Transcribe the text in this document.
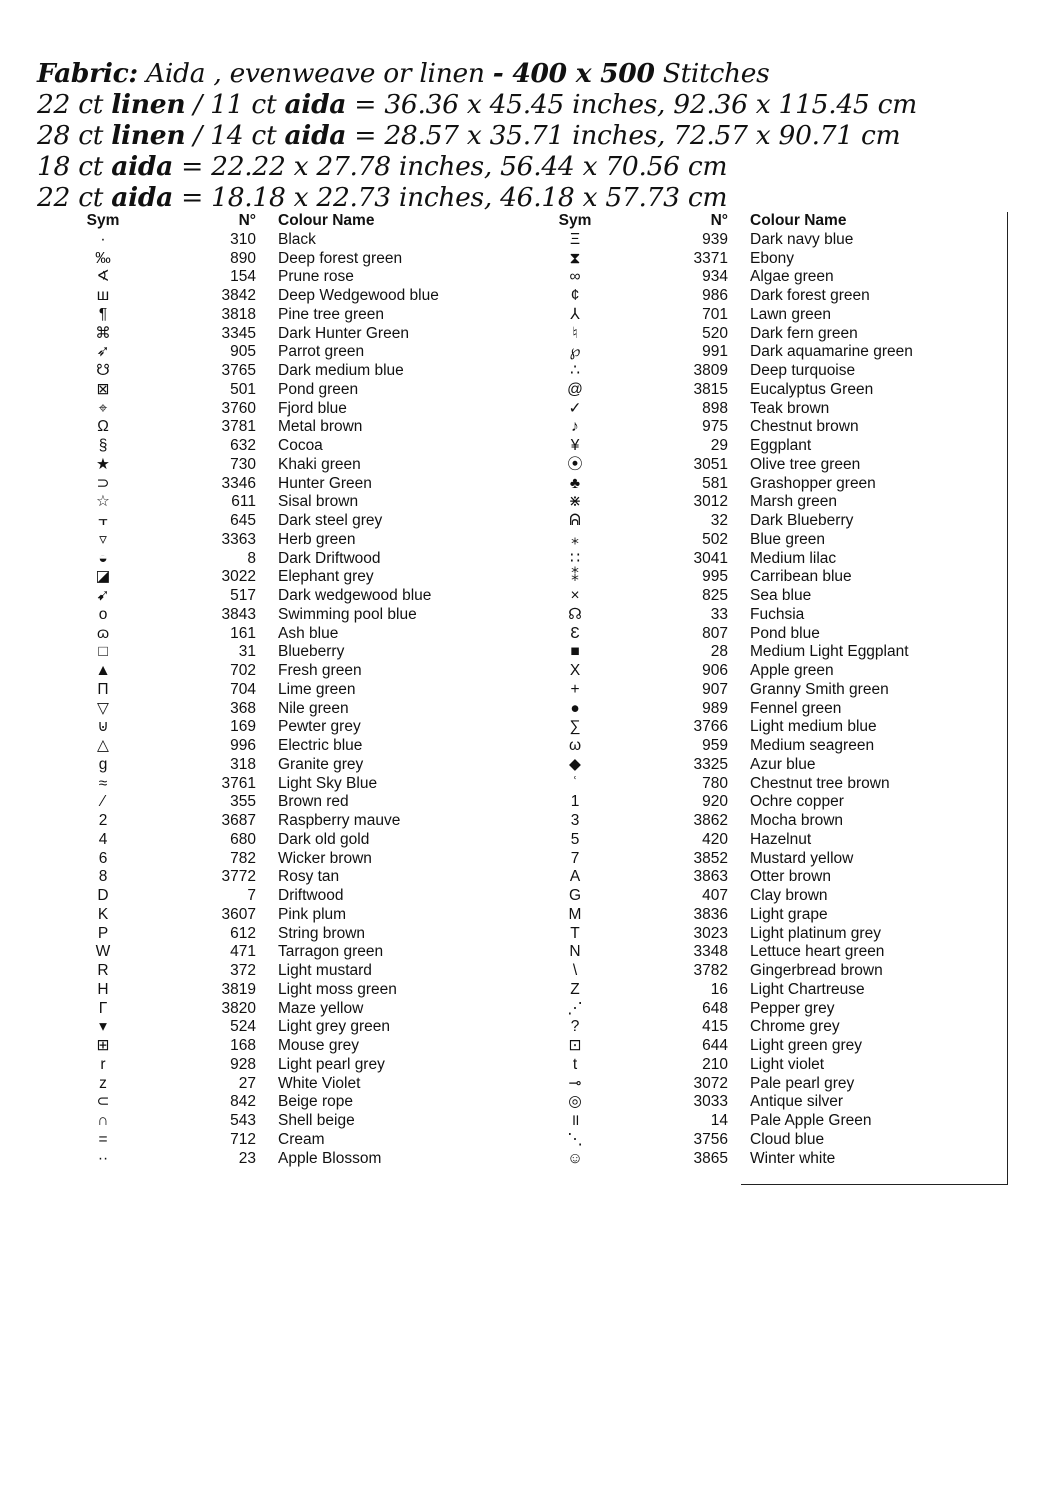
Fabric: Aida , evenweave or linen - 400 x 500 Stitches
22 ct linen / 11 ct aida = 36.36 x 45.45 inches, 92.36 x 115.45 cm
28 ct linen / 14 ct aida = 28.57 x 35.71 inches, 72.57 x 90.71 cm
18 ct aida = 22.22 x 27.78 inches, 56.44 x 70.56 cm
22 ct aida = 18.18 x 22.73 inches, 46.18 x 57.73 cm
Sym	N° Colour Name
·	310 Black
‰	890 Deep forest green
∢	154 Prune rose
ш	3842 Deep Wedgewood blue
¶	3818 Pine tree green
⌘	3345 Dark Hunter Green
➶	905 Parrot green
☋	3765 Dark medium blue
⊠	501 Pond green
⌖	3760 Fjord blue
Ω	3781 Metal brown
§	632 Cocoa
★	730 Khaki green
⊃	3346 Hunter Green
☆	611 Sisal brown
⫟	645 Dark steel grey
▿	3363 Herb green
◒	8 Dark Driftwood
◪	3022 Elephant grey
➹	517 Dark wedgewood blue
o	3843 Swimming pool blue
ɷ	161 Ash blue
□	31 Blueberry
▲	702 Fresh green
Π	704 Lime green
▽	368 Nile green
⊍	169 Pewter grey
△	996 Electric blue
g	318 Granite grey
≈	3761 Light Sky Blue
⁄	355 Brown red
2	3687 Raspberry mauve
4	680 Dark old gold
6	782 Wicker brown
8	3772 Rosy tan
D	7 Driftwood
K	3607 Pink plum
P	612 String brown
W	471 Tarragon green
R	372 Light mustard
H	3819 Light moss green
Γ	3820 Maze yellow
▾	524 Light grey green
⊞	168 Mouse grey
r	928 Light pearl grey
z	27 White Violet
⊂	842 Beige rope
∩	543 Shell beige
=	712 Cream
··	23 Apple Blossom
Sym	N° Colour Name
Ξ	939 Dark navy blue
⧗	3371 Ebony
∞	934 Algae green
¢	986 Dark forest green
⅄	701 Lawn green
♮	520 Dark fern green
℘	991 Dark aquamarine green
∴	3809 Deep turquoise
@	3815 Eucalyptus Green
✓	898 Teak brown
♪	975 Chestnut brown
¥	29 Eggplant
⦿	3051 Olive tree green
♣	581 Grashopper green
⋇	3012 Marsh green
ᕱ	32 Dark Blueberry
⁎	502 Blue green
∷	3041 Medium lilac
⁑	995 Carribean blue
×	825 Sea blue
☊	33 Fuchsia
Ɛ	807 Pond blue
■	28 Medium Light Eggplant
X	906 Apple green
+	907 Granny Smith green
●	989 Fennel green
∑	3766 Light medium blue
ω	959 Medium seagreen
◆	3325 Azur blue
ʿ	780 Chestnut tree brown
1	920 Ochre copper
3	3862 Mocha brown
5	420 Hazelnut
7	3852 Mustard yellow
A	3863 Otter brown
G	407 Clay brown
M	3836 Light grape
T	3023 Light platinum grey
N	3348 Lettuce heart green
\	3782 Gingerbread brown
Z	16 Light Chartreuse
⋰	648 Pepper grey
?	415 Chrome grey
⊡	644 Light green grey
t	210 Light violet
⊸	3072 Pale pearl grey
◎	3033 Antique silver
॥	14 Pale Apple Green
⋱	3756 Cloud blue
☺	3865 Winter white
